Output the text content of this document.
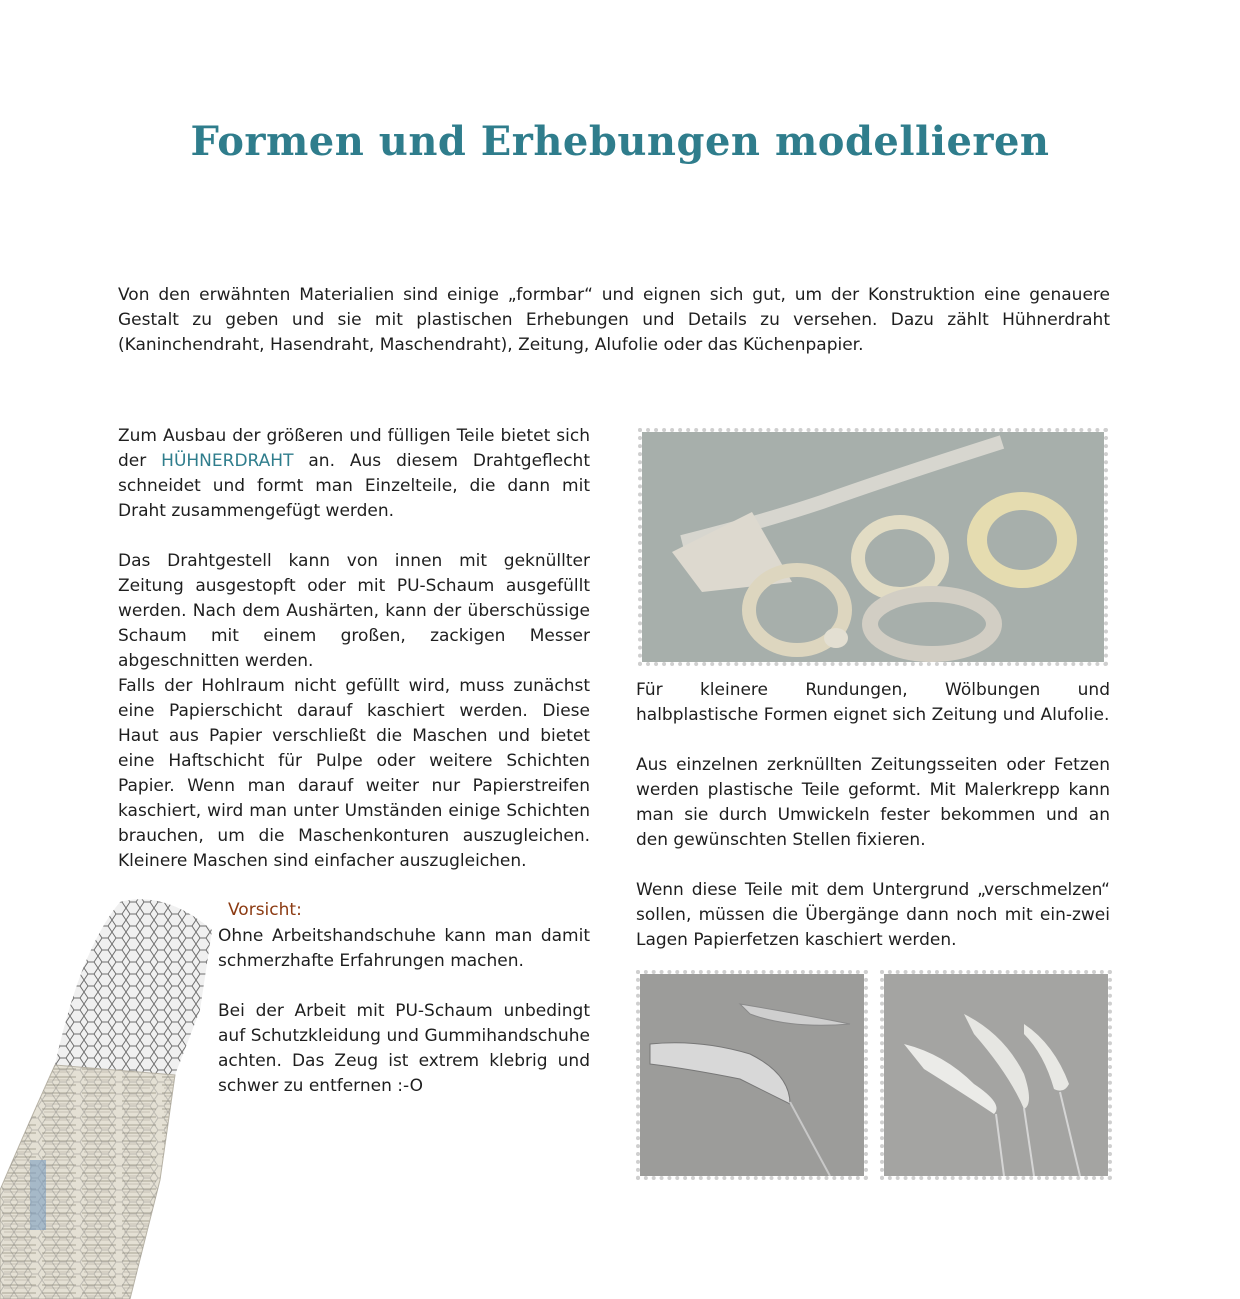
Formen und Erhebungen modellieren

Von den erwähnten Materialien sind einige „formbar“ und eignen sich gut, um der Konstruktion eine genauere Gestalt zu geben und sie mit plastischen Erhebungen und Details zu versehen. Dazu zählt Hühnerdraht (Kaninchendraht, Hasendraht, Maschendraht), Zeitung, Alufolie oder das Küchenpapier.

Zum Ausbau der größeren und fülligen Teile bietet sich der HÜHNERDRAHT an. Aus diesem Drahtgeflecht schneidet und formt man Einzelteile, die dann mit Draht zusammengefügt werden.

Das Drahtgestell kann von innen mit geknüllter Zeitung ausgestopft oder mit PU-Schaum ausgefüllt werden. Nach dem Aushärten, kann der überschüssige Schaum mit einem großen, zackigen Messer abgeschnitten werden.

Falls der Hohlraum nicht gefüllt wird, muss zunächst eine Papierschicht darauf kaschiert werden. Diese Haut aus Papier verschließt die Maschen und bietet eine Haftschicht für Pulpe oder weitere Schichten Papier. Wenn man darauf weiter nur Papierstreifen kaschiert, wird man unter Umständen einige Schichten brauchen, um die Maschenkonturen auszugleichen. Kleinere Maschen sind einfacher auszugleichen.

Vorsicht:

Ohne Arbeitshandschuhe kann man damit schmerzhafte Erfahrungen machen.

Bei der Arbeit mit PU-Schaum unbedingt auf Schutzkleidung und Gummihandschuhe achten. Das Zeug ist extrem klebrig und schwer zu entfernen :-O

Für kleinere Rundungen, Wölbungen und halbplastische Formen eignet sich Zeitung und Alufolie.

Aus einzelnen zerknüllten Zeitungsseiten oder Fetzen werden plastische Teile geformt. Mit Malerkrepp kann man sie durch Umwickeln fester bekommen und an den gewünschten Stellen fixieren.

Wenn diese Teile mit dem Untergrund „verschmelzen“ sollen, müssen die Übergänge dann noch mit ein-zwei Lagen Papierfetzen kaschiert werden.
